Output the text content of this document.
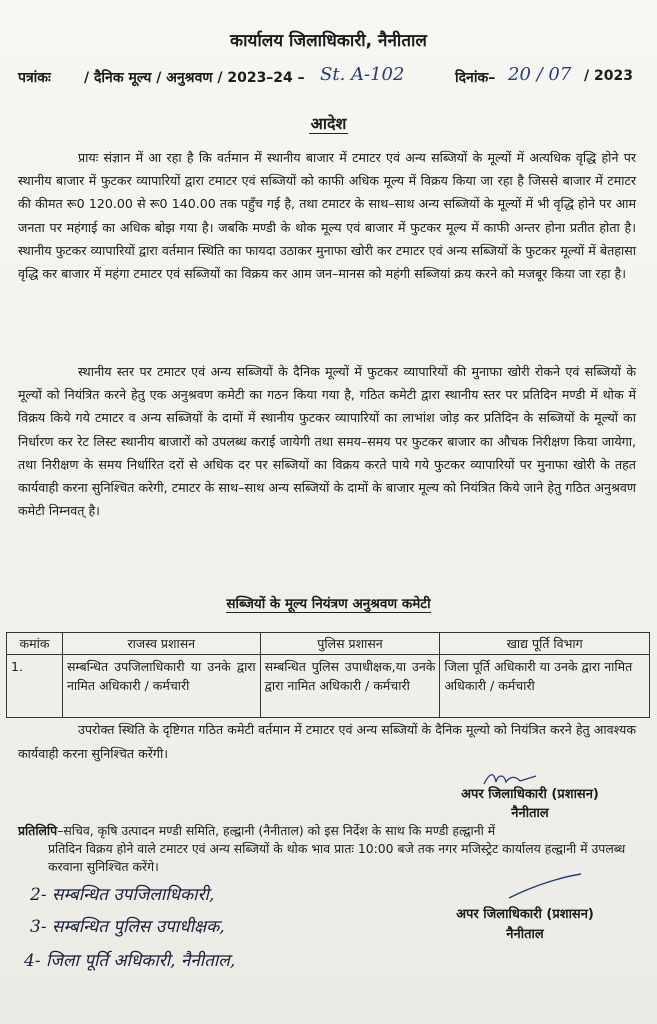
कार्यालय जिलाधिकारी, नैनीताल
पत्रांकः / दैनिक मूल्य / अनुश्रवण / 2023–24 – St. A-102	दिनांक– 20 / 07 / 2023
आदेश

प्रायः संज्ञान में आ रहा है कि वर्तमान में स्थानीय बाजार में टमाटर एवं अन्य सब्जियों के मूल्यों में अत्यधिक वृद्धि होने पर स्थानीय बाजार में फुटकर व्यापारियों द्वारा टमाटर एवं सब्जियों को काफी अधिक मूल्य में विक्रय किया जा रहा है जिससे बाजार में टमाटर की कीमत रू0 120.00 से रू0 140.00 तक पहुँच गई है, तथा टमाटर के साथ–साथ अन्य सब्जियों के मूल्यों में भी वृद्धि होने पर आम जनता पर महंगाई का अधिक बोझ गया है। जबकि मण्डी के थोक मूल्य एवं बाजार में फुटकर मूल्य में काफी अन्तर होना प्रतीत होता है। स्थानीय फुटकर व्यापारियों द्वारा वर्तमान स्थिति का फायदा उठाकर मुनाफा खोरी कर टमाटर एवं अन्य सब्जियों के फुटकर मूल्यों में बेतहासा वृद्धि कर बाजार में महंगा टमाटर एवं सब्जियों का विक्रय कर आम जन–मानस को महंगी सब्जियां क्रय करने को मजबूर किया जा रहा है।

स्थानीय स्तर पर टमाटर एवं अन्य सब्जियों के दैनिक मूल्यों में फुटकर व्यापारियों की मुनाफा खोरी रोकने एवं सब्जियों के मूल्यों को नियंत्रित करने हेतु एक अनुश्रवण कमेटी का गठन किया गया है, गठित कमेटी द्वारा स्थानीय स्तर पर प्रतिदिन मण्डी में थोक में विक्रय किये गये टमाटर व अन्य सब्जियों के दामों में स्थानीय फुटकर व्यापारियों का लाभांश जोड़ कर प्रतिदिन के सब्जियों के मूल्यों का निर्धारण कर रेट लिस्ट स्थानीय बाजारों को उपलब्ध कराई जायेगी तथा समय–समय पर फुटकर बाजार का औचक निरीक्षण किया जायेगा, तथा निरीक्षण के समय निर्धारित दरों से अधिक दर पर सब्जियों का विक्रय करते पाये गये फुटकर व्यापारियों पर मुनाफा खोरी के तहत कार्यवाही करना सुनिश्चित करेगी, टमाटर के साथ–साथ अन्य सब्जियों के दामों के बाजार मूल्य को नियंत्रित किये जाने हेतु गठित अनुश्रवण कमेटी निम्नवत् है।

सब्जियों के मूल्य नियंत्रण अनुश्रवण कमेटी
कमांक	राजस्व प्रशासन	पुलिस प्रशासन	खाद्य पूर्ति विभाग
1.	सम्बन्धित उपजिलाधिकारी या उनके द्वारा नामित अधिकारी / कर्मचारी	सम्बन्धित पुलिस उपाधीक्षक,या उनके द्वारा नामित अधिकारी / कर्मचारी	जिला पूर्ति अधिकारी या उनके द्वारा नामित अधिकारी / कर्मचारी

उपरोक्त स्थिति के दृष्टिगत गठित कमेटी वर्तमान में टमाटर एवं अन्य सब्जियों के दैनिक मूल्यो को नियंत्रित करने हेतु आवश्यक कार्यवाही करना सुनिश्चित करेंगी।

अपर जिलाधिकारी (प्रशासन)
नैनीताल
प्रतिलिपि–सचिव, कृषि उत्पादन मण्डी समिति, हल्द्वानी (नैनीताल) को इस निर्देश के साथ कि मण्डी हल्द्वानी में
प्रतिदिन विक्रय होने वाले टमाटर एवं अन्य सब्जियों के थोक भाव प्रातः 10:00 बजे तक नगर मजिस्ट्रेट कार्यालय हल्द्वानी में उपलब्ध करवाना सुनिश्चित करेंगे।
अपर जिलाधिकारी (प्रशासन)
नैनीताल
2- सम्बन्धित उपजिलाधिकारी,
3- सम्बन्धित पुलिस उपाधीक्षक,
4- जिला पूर्ति अधिकारी, नैनीताल,
